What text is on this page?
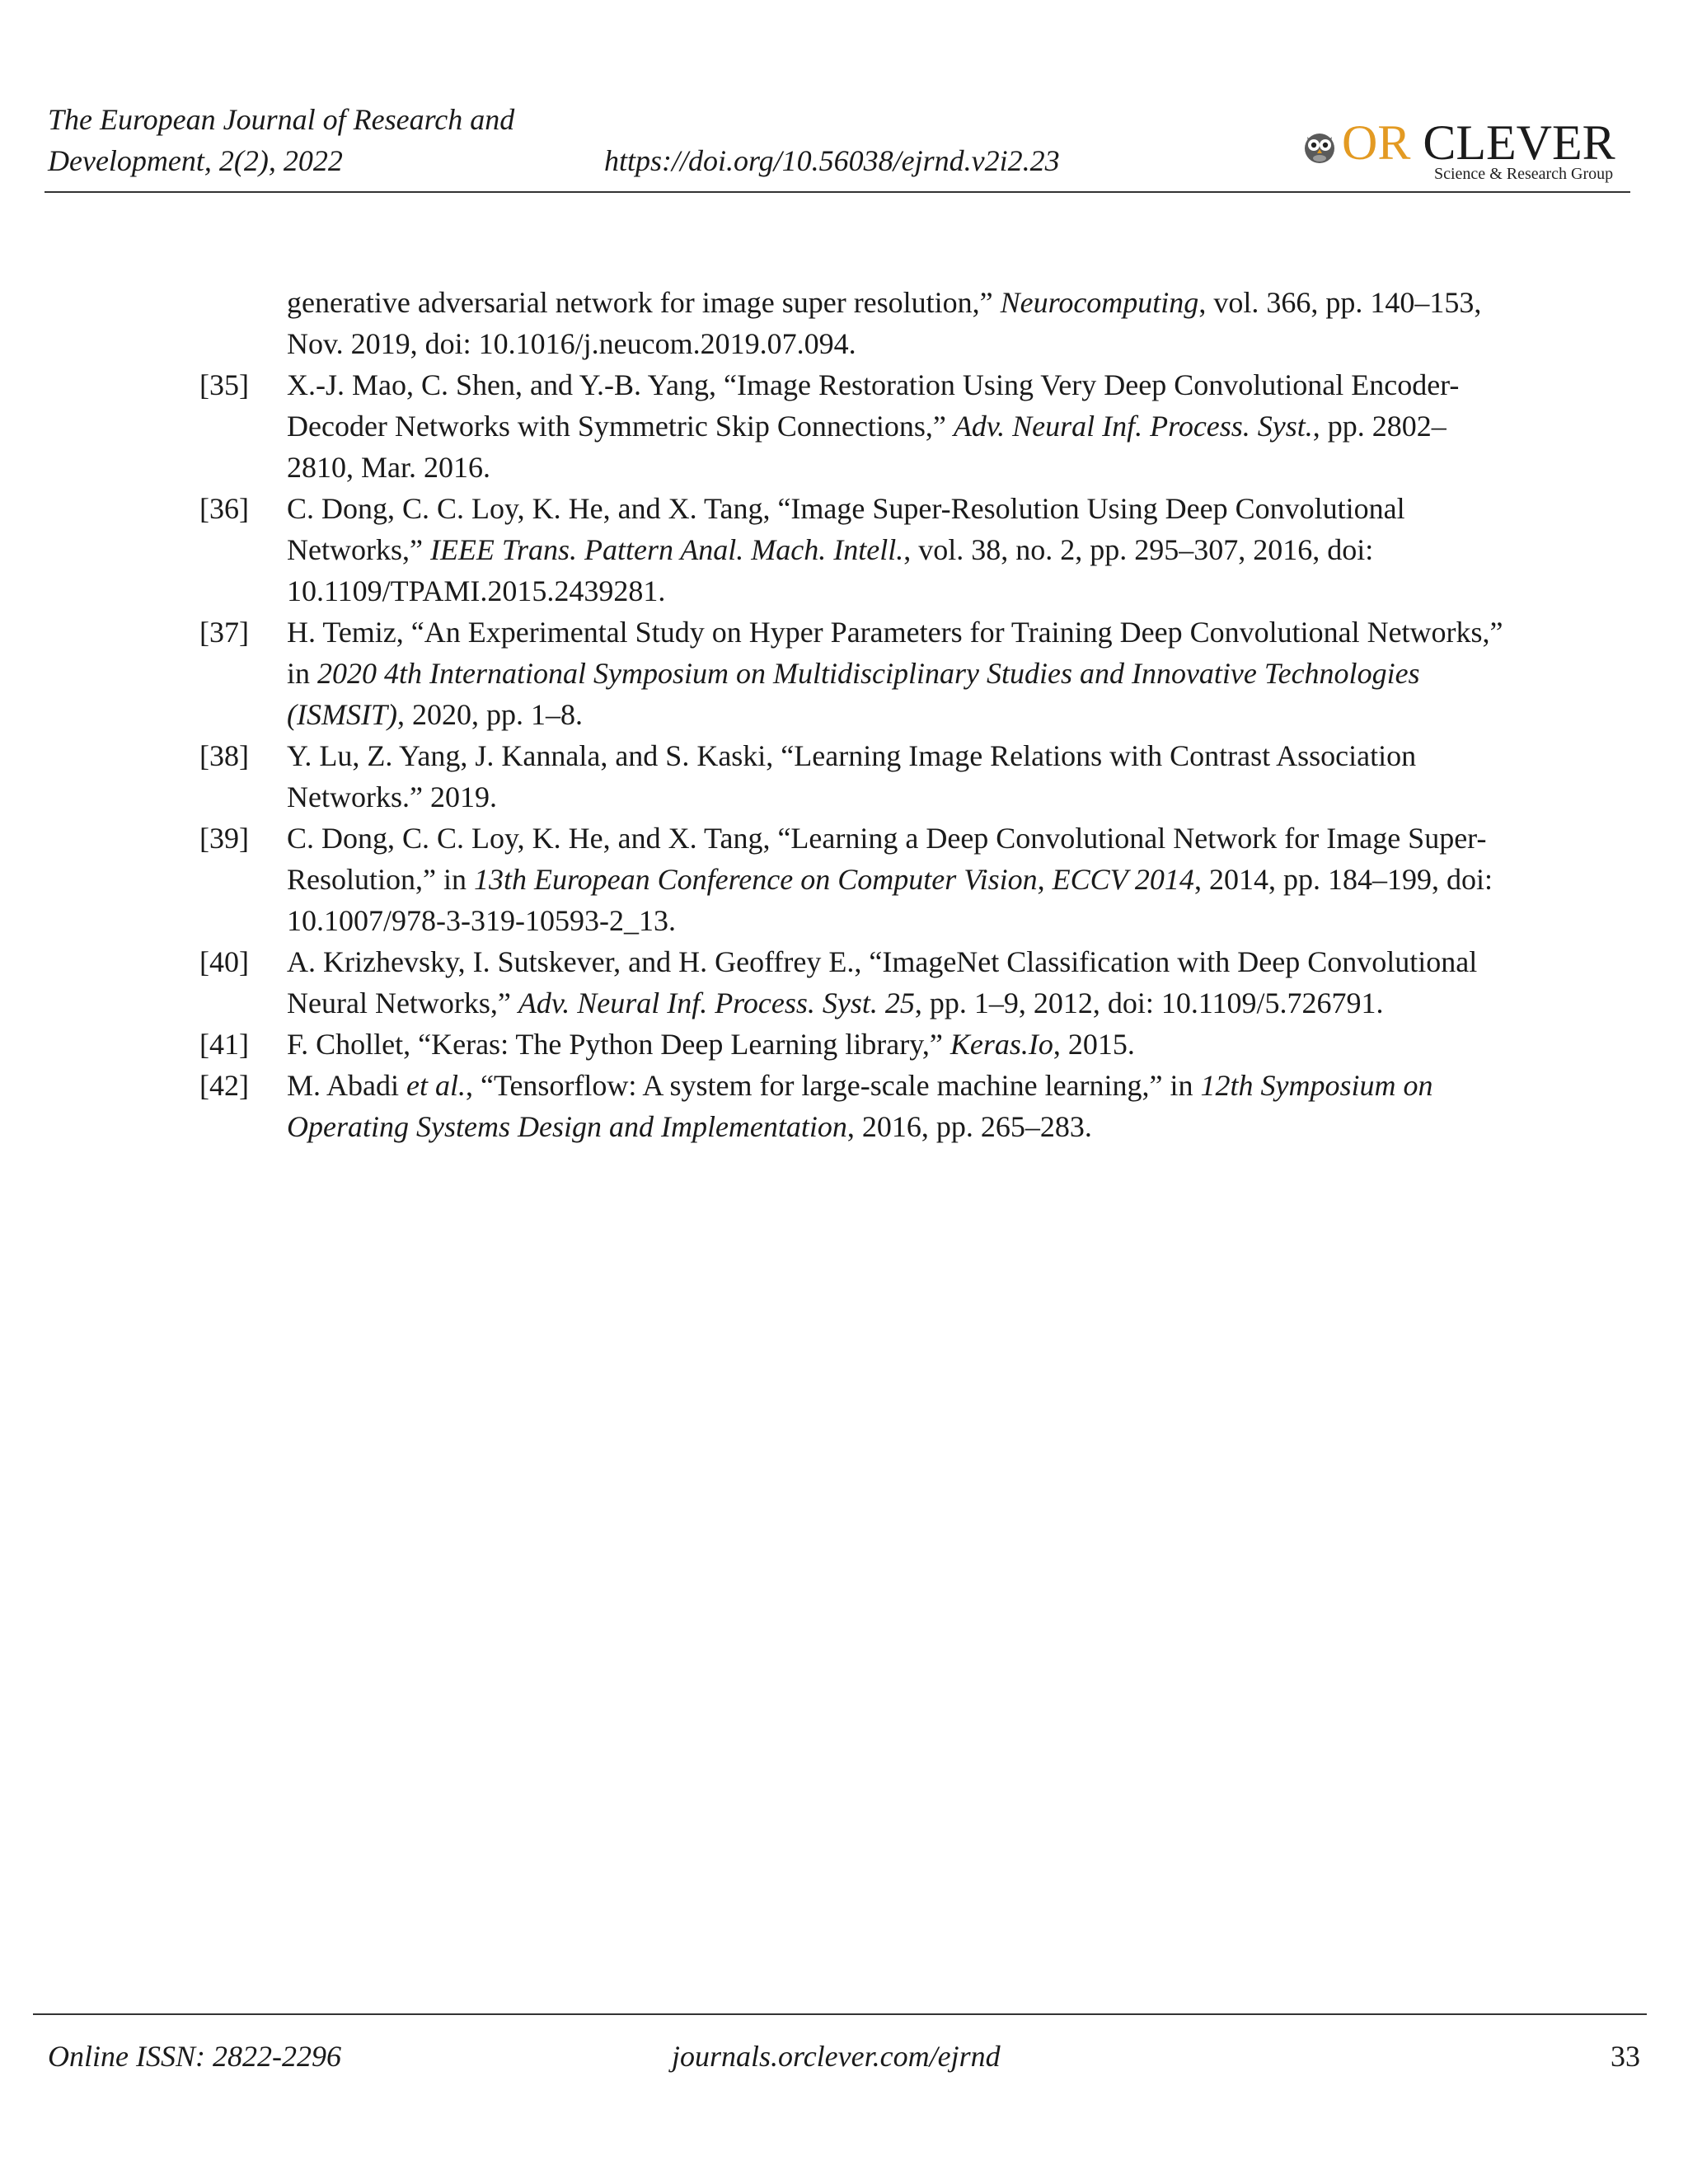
The European Journal of Research and
Development, 2(2), 2022	https://doi.org/10.56038/ejrnd.v2i2.23	OR CLEVER
Science & Research Group
generative adversarial network for image super resolution,” Neurocomputing, vol. 366, pp. 140–153, Nov. 2019, doi: 10.1016/j.neucom.2019.07.094.
[35] X.-J. Mao, C. Shen, and Y.-B. Yang, “Image Restoration Using Very Deep Convolutional Encoder-Decoder Networks with Symmetric Skip Connections,” Adv. Neural Inf. Process. Syst., pp. 2802–2810, Mar. 2016.
[36] C. Dong, C. C. Loy, K. He, and X. Tang, “Image Super-Resolution Using Deep Convolutional Networks,” IEEE Trans. Pattern Anal. Mach. Intell., vol. 38, no. 2, pp. 295–307, 2016, doi: 10.1109/TPAMI.2015.2439281.
[37] H. Temiz, “An Experimental Study on Hyper Parameters for Training Deep Convolutional Networks,” in 2020 4th International Symposium on Multidisciplinary Studies and Innovative Technologies (ISMSIT), 2020, pp. 1–8.
[38] Y. Lu, Z. Yang, J. Kannala, and S. Kaski, “Learning Image Relations with Contrast Association Networks.” 2019.
[39] C. Dong, C. C. Loy, K. He, and X. Tang, “Learning a Deep Convolutional Network for Image Super-Resolution,” in 13th European Conference on Computer Vision, ECCV 2014, 2014, pp. 184–199, doi: 10.1007/978-3-319-10593-2_13.
[40] A. Krizhevsky, I. Sutskever, and H. Geoffrey E., “ImageNet Classification with Deep Convolutional Neural Networks,” Adv. Neural Inf. Process. Syst. 25, pp. 1–9, 2012, doi: 10.1109/5.726791.
[41] F. Chollet, “Keras: The Python Deep Learning library,” Keras.Io, 2015.
[42] M. Abadi et al., “Tensorflow: A system for large-scale machine learning,” in 12th Symposium on Operating Systems Design and Implementation, 2016, pp. 265–283.
Online ISSN: 2822-2296	journals.orclever.com/ejrnd	33
